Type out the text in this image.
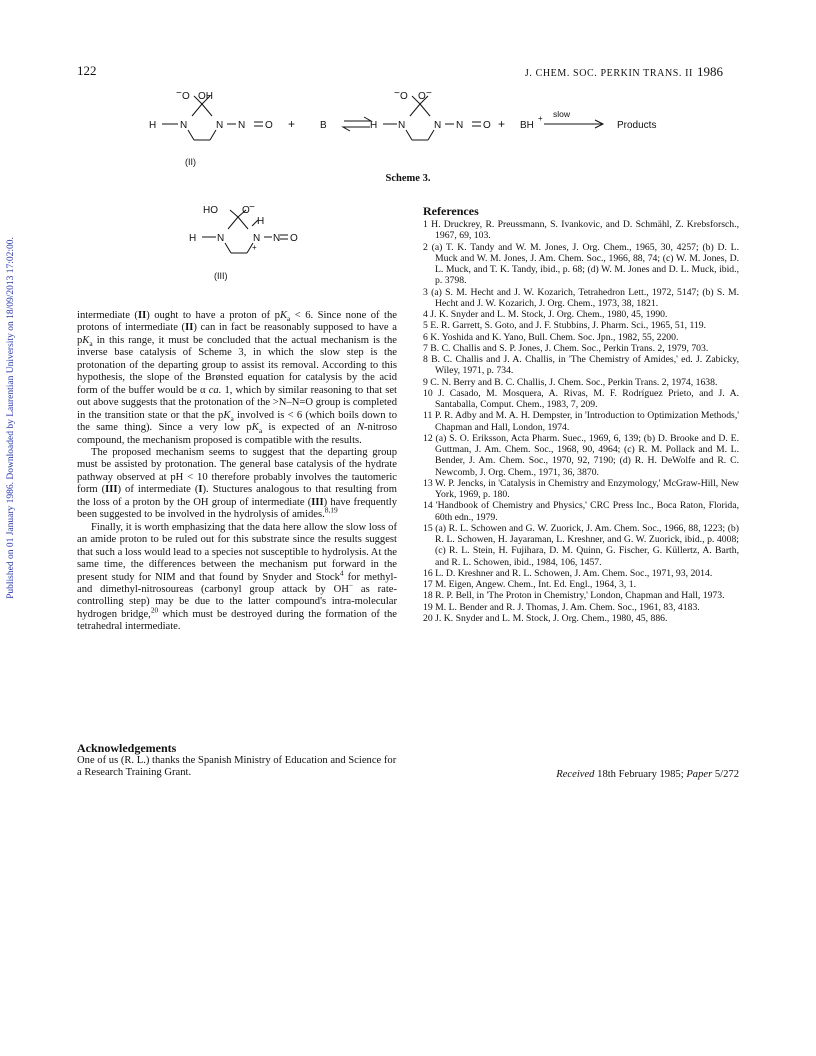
Published on 01 January 1986. Downloaded by Laurentian University on 18/09/2013 17:02:00.
122	J. CHEM. SOC. PERKIN TRANS. II 1986
− O OH
H N	N N O
(II)
+ B
− O O −
H N	N N O + BH
+ slow
Products
Scheme 3.
HO O −
H
H N	N N O
+
(III)

intermediate (II) ought to have a proton of $pK_a < 6$. Since none of the protons of intermediate (II) can in fact be reasonably supposed to have a $pK_a$ in this range, it must be concluded that the actual mechanism is the inverse base catalysis of Scheme 3, in which the slow step is the protonation of the departing group to assist its removal. According to this hypothesis, the slope of the Brønsted equation for catalysis by the acid form of the buffer would be α ca. 1, which by similar reasoning to that set out above suggests that the protonation of the >N–N=O group is completed in the transition state or that the $pK_a$ involved is < 6 (which boils down to the same thing). Since a very low $pK_a$ is expected of an N-nitroso compound, the mechanism proposed is compatible with the results.

The proposed mechanism seems to suggest that the departing group must be assisted by protonation. The general base catalysis of the hydrate pathway observed at pH < 10 therefore probably involves the tautomeric form (III) of intermediate (I). Stuctures analogous to that resulting from the loss of a proton by the OH group of intermediate (III) have frequently been suggested to be involved in the hydrolysis of amides.$^{8,19}$

Finally, it is worth emphasizing that the data here allow the slow loss of an amide proton to be ruled out for this substrate since the results suggest that such a loss would lead to a species not susceptible to hydrolysis. At the same time, the differences between the mechanism put forward in the present study for NIM and that found by Snyder and Stock$^4$ for methyl- and dimethyl-nitrosoureas (carbonyl group attack by OH− as rate-controlling step) may be due to the latter compound's intra-molecular hydrogen bridge,$^{20}$ which must be destroyed during the formation of the tetrahedral intermediate.

Acknowledgements
One of us (R. L.) thanks the Spanish Ministry of Education and Science for a Research Training Grant.	Received 18th February 1985; Paper 5/272
References
1 H. Druckrey, R. Preussmann, S. Ivankovic, and D. Schmähl, Z. Krebsforsch., 1967, 69, 103.
2 (a) T. K. Tandy and W. M. Jones, J. Org. Chem., 1965, 30, 4257; (b) D. L. Muck and W. M. Jones, J. Am. Chem. Soc., 1966, 88, 74; (c) W. M. Jones, D. L. Muck, and T. K. Tandy, ibid., p. 68; (d) W. M. Jones and D. L. Muck, ibid., p. 3798.
3 (a) S. M. Hecht and J. W. Kozarich, Tetrahedron Lett., 1972, 5147; (b) S. M. Hecht and J. W. Kozarich, J. Org. Chem., 1973, 38, 1821.
4 J. K. Snyder and L. M. Stock, J. Org. Chem., 1980, 45, 1990.
5 E. R. Garrett, S. Goto, and J. F. Stubbins, J. Pharm. Sci., 1965, 51, 119.
6 K. Yoshida and K. Yano, Bull. Chem. Soc. Jpn., 1982, 55, 2200.
7 B. C. Challis and S. P. Jones, J. Chem. Soc., Perkin Trans. 2, 1979, 703.
8 B. C. Challis and J. A. Challis, in 'The Chemistry of Amides,' ed. J. Zabicky, Wiley, 1971, p. 734.
9 C. N. Berry and B. C. Challis, J. Chem. Soc., Perkin Trans. 2, 1974, 1638.
10 J. Casado, M. Mosquera, A. Rivas, M. F. Rodríguez Prieto, and J. A. Santaballa, Comput. Chem., 1983, 7, 209.
11 P. R. Adby and M. A. H. Dempster, in 'Introduction to Optimization Methods,' Chapman and Hall, London, 1974.
12 (a) S. O. Eriksson, Acta Pharm. Suec., 1969, 6, 139; (b) D. Brooke and D. E. Guttman, J. Am. Chem. Soc., 1968, 90, 4964; (c) R. M. Pollack and M. L. Bender, J. Am. Chem. Soc., 1970, 92, 7190; (d) R. H. DeWolfe and R. C. Newcomb, J. Org. Chem., 1971, 36, 3870.
13 W. P. Jencks, in 'Catalysis in Chemistry and Enzymology,' McGraw-Hill, New York, 1969, p. 180.
14 'Handbook of Chemistry and Physics,' CRC Press Inc., Boca Raton, Florida, 60th edn., 1979.
15 (a) R. L. Schowen and G. W. Zuorick, J. Am. Chem. Soc., 1966, 88, 1223; (b) R. L. Schowen, H. Jayaraman, L. Kreshner, and G. W. Zuorick, ibid., p. 4008; (c) R. L. Stein, H. Fujihara, D. M. Quinn, G. Fischer, G. Küllertz, A. Barth, and R. L. Schowen, ibid., 1984, 106, 1457.
16 L. D. Kreshner and R. L. Schowen, J. Am. Chem. Soc., 1971, 93, 2014.
17 M. Eigen, Angew. Chem., Int. Ed. Engl., 1964, 3, 1.
18 R. P. Bell, in 'The Proton in Chemistry,' London, Chapman and Hall, 1973.
19 M. L. Bender and R. J. Thomas, J. Am. Chem. Soc., 1961, 83, 4183.
20 J. K. Snyder and L. M. Stock, J. Org. Chem., 1980, 45, 886.
